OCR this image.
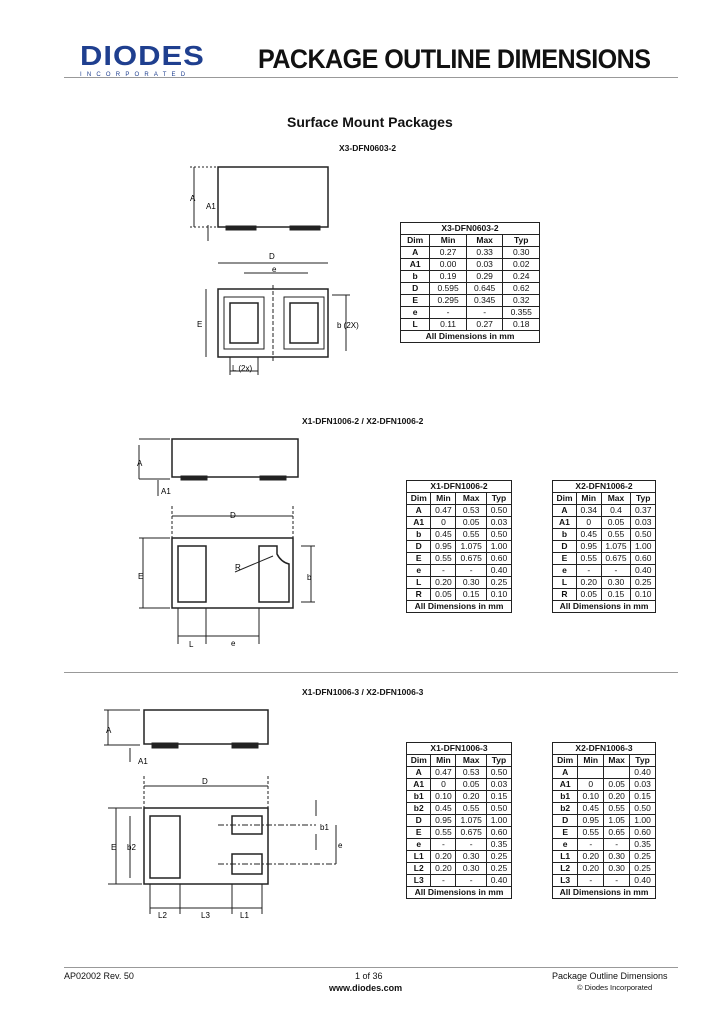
DIODES
INCORPORATED
PACKAGE OUTLINE DIMENSIONS
Surface Mount Packages
X3-DFN0603-2
A
A1
D
e
E	b (2X)
L (2x)
X3-DFN0603-2			
Dim	Min	Max	Typ
A	0.27	0.33	0.30
A1	0.00	0.03	0.02
b	0.19	0.29	0.24
D	0.595	0.645	0.62
E	0.295	0.345	0.32
e	-	-	0.355
L	0.11	0.27	0.18
All Dimensions in mm			
X1-DFN1006-2 / X2-DFN1006-2
A
A1
D
E
R
b
L	e
X1-DFN1006-2			
Dim	Min	Max	Typ
A	0.47	0.53	0.50
A1	0	0.05	0.03
b	0.45	0.55	0.50
D	0.95	1.075	1.00
E	0.55	0.675	0.60
e	-	-	0.40
L	0.20	0.30	0.25
R	0.05	0.15	0.10
All Dimensions in mm			
X2-DFN1006-2			
Dim	Min	Max	Typ
A	0.34	0.4	0.37
A1	0	0.05	0.03
b	0.45	0.55	0.50
D	0.95	1.075	1.00
E	0.55	0.675	0.60
e	-	-	0.40
L	0.20	0.30	0.25
R	0.05	0.15	0.10
All Dimensions in mm			
X1-DFN1006-3 / X2-DFN1006-3
A
A1
D
E b2
b1
e
L2	L3	L1
X1-DFN1006-3			
Dim	Min	Max	Typ
A	0.47	0.53	0.50
A1	0	0.05	0.03
b1	0.10	0.20	0.15
b2	0.45	0.55	0.50
D	0.95	1.075	1.00
E	0.55	0.675	0.60
e	-	-	0.35
L1	0.20	0.30	0.25
L2	0.20	0.30	0.25
L3	-	-	0.40
All Dimensions in mm			
X2-DFN1006-3			
Dim	Min	Max	Typ
A			0.40
A1	0	0.05	0.03
b1	0.10	0.20	0.15
b2	0.45	0.55	0.50
D	0.95	1.05	1.00
E	0.55	0.65	0.60
e	-	-	0.35
L1	0.20	0.30	0.25
L2	0.20	0.30	0.25
L3	-	-	0.40
All Dimensions in mm			
AP02002 Rev. 50	1 of 36
www.diodes.com
Package Outline Dimensions
© Diodes Incorporated
